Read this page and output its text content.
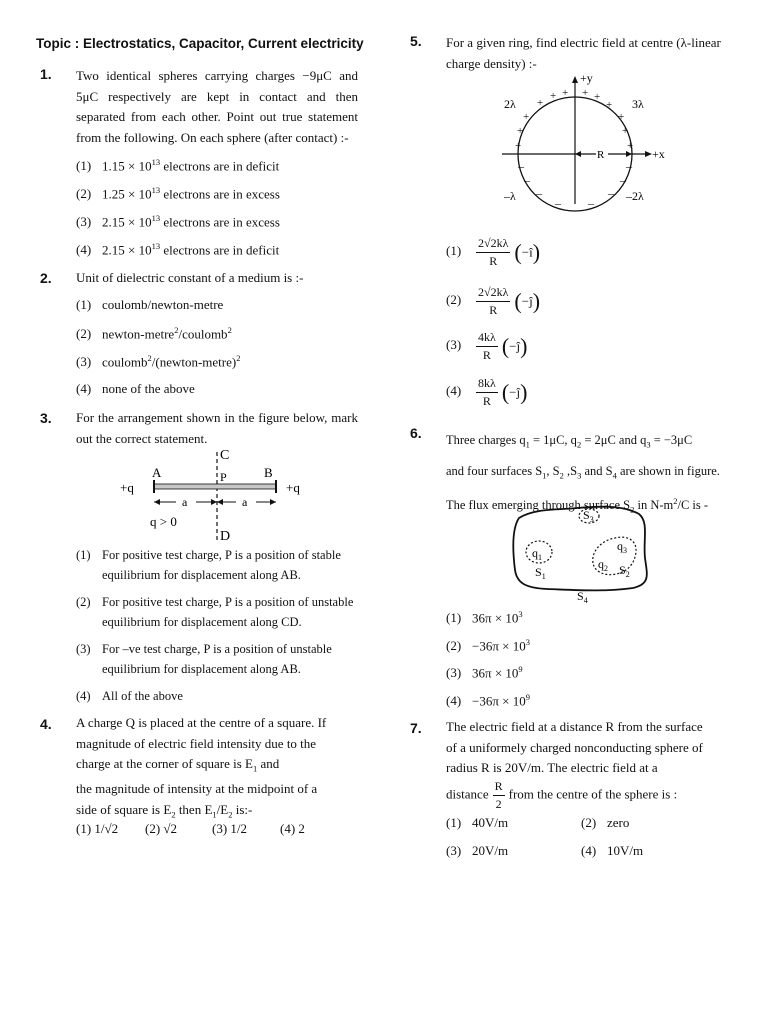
Topic : Electrostatics, Capacitor, Current electricity
1. Two identical spheres carrying charges −9μC and 5μC respectively are kept in contact and then separated from each other. Point out true statement from the following. On each sphere (after contact) :-
(1) $1.15 \times 10^{13}$ electrons are in deficit
(2) $1.25 \times 10^{13}$ electrons are in excess
(3) $2.15 \times 10^{13}$ electrons are in excess
(4) $2.15 \times 10^{13}$ electrons are in deficit
2. Unit of dielectric constant of a medium is :-
(1) coulomb/newton-metre
(2) newton-metre$^2$/coulomb$^2$
(3) coulomb$^2$/(newton-metre)$^2$
(4) none of the above
3. For the arrangement shown in the figure below, mark out the correct statement.
C
D
A	B
P
+q	+q
a	a
q > 0
(1) For positive test charge, P is a position of stable
equilibrium for displacement along AB.
(2) For positive test charge, P is a position of unstable
equilibrium for displacement along CD.
(3) For –ve test charge, P is a position of unstable
equilibrium for displacement along AB.
(4) All of the above
4. A charge Q is placed at the centre of a square. If
magnitude of electric field intensity due to the
charge at the corner of square is $E_1$ and
the magnitude of intensity at the midpoint of a
side of square is $E_2$ then $E_1/E_2$ is:-
(1) 1/√2 (2) √2	(3) 1/2	(4) 2
5. For a given ring, find electric field at centre (λ-linear
charge density) :-
R
+
+ + + +
+
+	+
+	+
+	+
–	–
–	–
–	–
– –
2λ	3λ
–λ	–2λ
+y
+x
$(1) \frac{2√2k\lambda}{R}$ (−î)
$(2) \frac{2√2k\lambda}{R}$ (−ĵ)
$(3) \frac{4k\lambda}{R}$ (−ĵ)
$(4) \frac{8k\lambda}{R}$ (−ĵ)
6. Three charges $q_1 = 1\mu C$, $q_2 = 2\mu C$ and $q_3 = -3\mu C$
and four surfaces $S_1$, $S_2$ $,S_3$ and $S_4$ are shown in figure.
The flux emerging through surface $S_2$ in $N-m^2/C$ is -
$q_1$
$q_3$
$q_2$ $S_2$
$S_1$
$S_3$
$S_4$
(1) $36\pi \times 10^3$
$(2) -36\pi \times 10^3$
(3) $36\pi \times 10^9$
$(4) -36\pi \times 10^9$
7. The electric field at a distance R from the surface
of a uniformely charged nonconducting sphere of
radius R is 20V/m. The electric field at a
distance $\frac{R}{2}$ from the centre of the sphere is :
(1) 40V/m	(2) zero
(3) 20V/m	(4) 10V/m
